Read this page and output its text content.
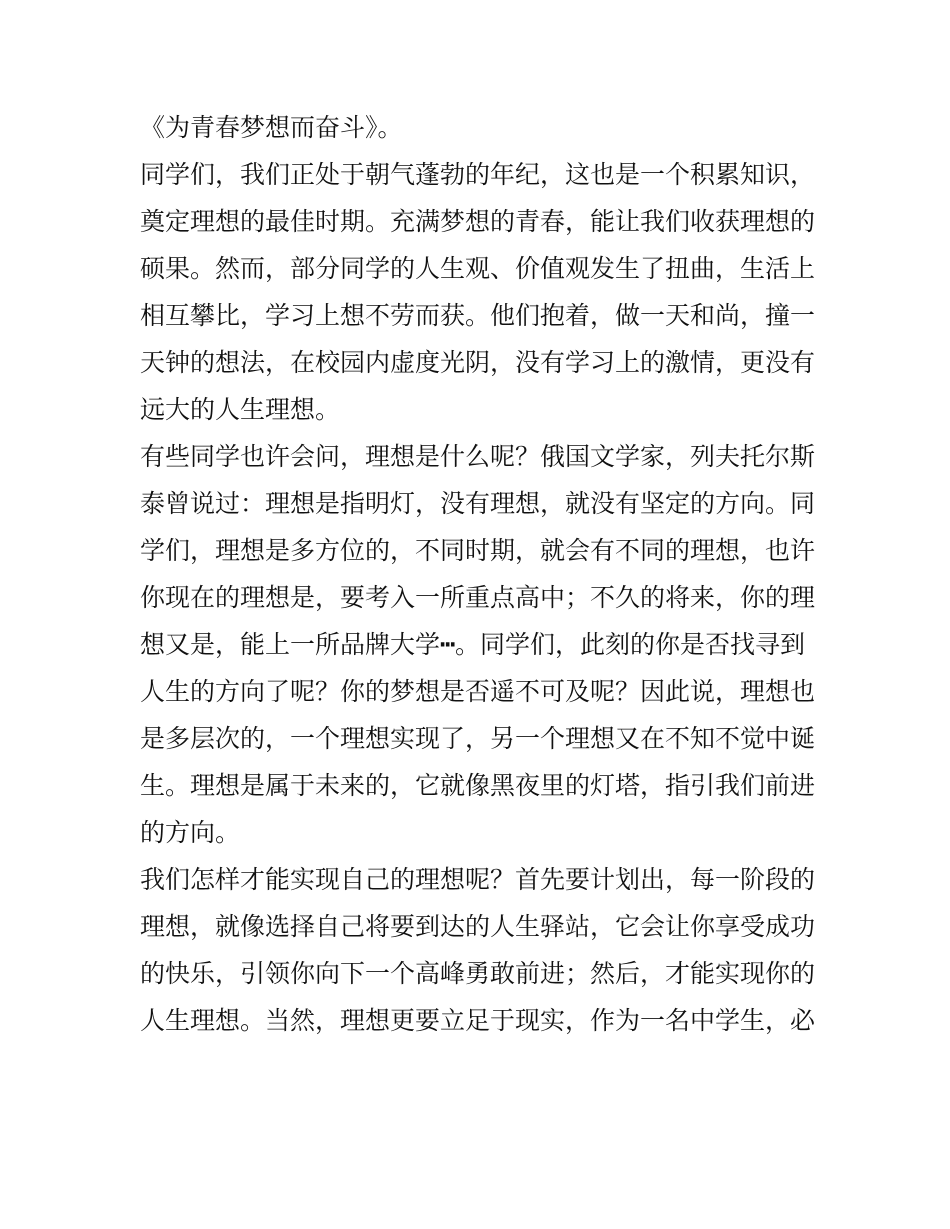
《为青春梦想而奋斗》。
同学们，我们正处于朝气蓬勃的年纪，这也是一个积累知识，
奠定理想的最佳时期。充满梦想的青春，能让我们收获理想的
硕果。然而，部分同学的人生观、价值观发生了扭曲，生活上
相互攀比，学习上想不劳而获。他们抱着，做一天和尚，撞一
天钟的想法，在校园内虚度光阴，没有学习上的激情，更没有
远大的人生理想。
有些同学也许会问，理想是什么呢？俄国文学家，列夫托尔斯
泰曾说过：理想是指明灯，没有理想，就没有坚定的方向。同
学们，理想是多方位的，不同时期，就会有不同的理想，也许
你现在的理想是，要考入一所重点高中；不久的将来，你的理
想又是，能上一所品牌大学┅。同学们，此刻的你是否找寻到
人生的方向了呢？你的梦想是否遥不可及呢？因此说，理想也
是多层次的，一个理想实现了，另一个理想又在不知不觉中诞
生。理想是属于未来的，它就像黑夜里的灯塔，指引我们前进
的方向。
我们怎样才能实现自己的理想呢？首先要计划出，每一阶段的
理想，就像选择自己将要到达的人生驿站，它会让你享受成功
的快乐，引领你向下一个高峰勇敢前进；然后，才能实现你的
人生理想。当然，理想更要立足于现实，作为一名中学生，必
